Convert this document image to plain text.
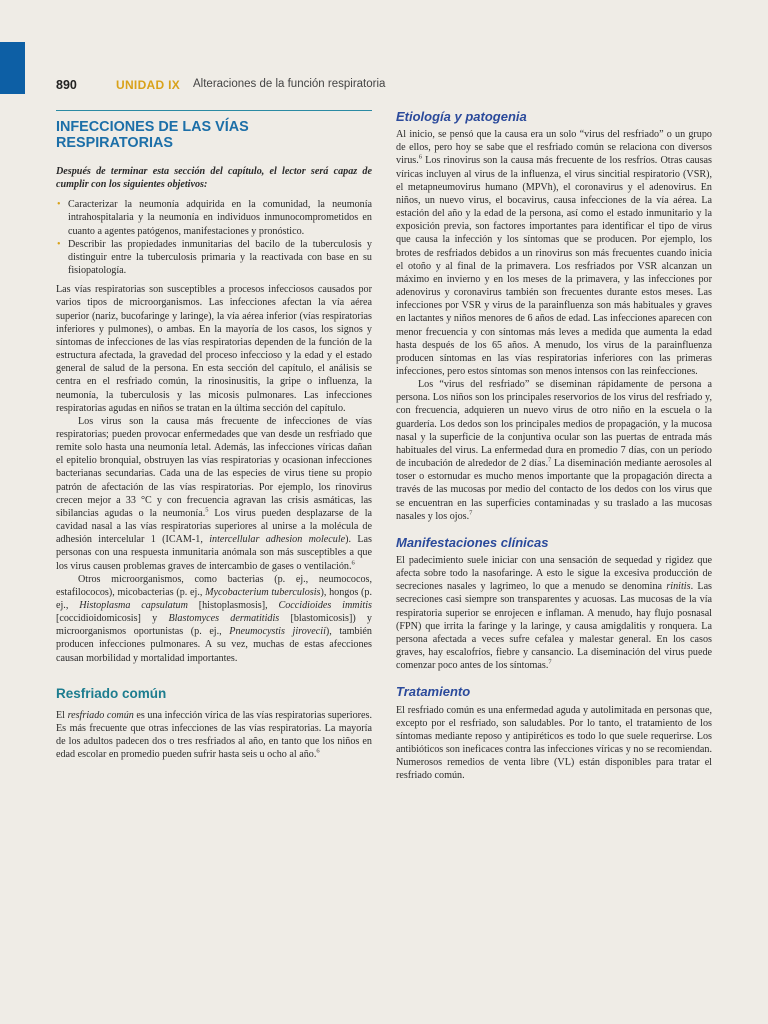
890	UNIDAD IX Alteraciones de la función respiratoria
INFECCIONES DE LAS VÍAS
RESPIRATORIAS

Después de terminar esta sección del capítulo, el lector será capaz de cumplir con los siguientes objetivos:

• Caracterizar la neumonía adquirida en la comunidad, la neumonía intrahospitalaria y la neumonía en individuos inmunocomprometidos en cuanto a agentes patógenos, manifestaciones y pronóstico.
• Describir las propiedades inmunitarias del bacilo de la tuberculosis y distinguir entre la tuberculosis primaria y la reactivada con base en su fisiopatología.

Las vías respiratorias son susceptibles a procesos infecciosos causados por varios tipos de microorganismos. Las infecciones afectan la vía aérea superior (nariz, bucofaringe y laringe), la vía aérea inferior (vías respiratorias inferiores y pulmones), o ambas. En la mayoría de los casos, los signos y síntomas de infecciones de las vías respiratorias dependen de la función de la estructura afectada, la gravedad del proceso infeccioso y la edad y el estado general de salud de la persona. En esta sección del capítulo, el análisis se centra en el resfriado común, la rinosinusitis, la gripe o influenza, la neumonía, la tuberculosis y las micosis pulmonares. Las infecciones respiratorias agudas en niños se tratan en la última sección del capítulo.

Los virus son la causa más frecuente de infecciones de vías respiratorias; pueden provocar enfermedades que van desde un resfriado que remite solo hasta una neumonía letal. Además, las infecciones víricas dañan el epitelio bronquial, obstruyen las vías respiratorias y ocasionan infecciones bacterianas secundarias. Cada una de las especies de virus tiene su propio patrón de afectación de las vías respiratorias. Por ejemplo, los rinovirus crecen mejor a 33 °C y con frecuencia agravan las crisis asmáticas, las sibilancias agudas o la neumonía.$^5$ Los virus pueden desplazarse de la cavidad nasal a las vías respiratorias superiores al unirse a la molécula de adhesión intercelular 1 (ICAM-1, intercellular adhesion molecule). Las personas con una respuesta inmunitaria anómala son más susceptibles a que los virus causen problemas graves de intercambio de gases o ventilación.$^6$

Otros microorganismos, como bacterias (p. ej., neumococos, estafilococos), micobacterias (p. ej., Mycobacterium tuberculosis), hongos (p. ej., Histoplasma capsulatum [histoplasmosis], Coccidioides immitis [coccidioidomicosis] y Blastomyces dermatitidis [blastomicosis]) y microorganismos oportunistas (p. ej., Pneumocystis jirovecii), también producen infecciones pulmonares. A su vez, muchas de estas afecciones causan morbilidad y mortalidad importantes.

Resfriado común

El resfriado común es una infección vírica de las vías respiratorias superiores. Es más frecuente que otras infecciones de las vías respiratorias. La mayoría de los adultos padecen dos o tres resfriados al año, en tanto que los niños en edad escolar en promedio pueden sufrir hasta seis u ocho al año.$^6$

Etiología y patogenia

Al inicio, se pensó que la causa era un solo “virus del resfriado” o un grupo de ellos, pero hoy se sabe que el resfriado común se relaciona con diversos virus.$^6$ Los rinovirus son la causa más frecuente de los resfríos. Otras causas víricas incluyen al virus de la influenza, el virus sincitial respiratorio (VSR), el metapneumovirus humano (MPVh), el coronavirus y el adenovirus. En niños, un nuevo virus, el bocavirus, causa infecciones de la vía aérea. La estación del año y la edad de la persona, así como el estado inmunitario y la exposición previa, son factores importantes para identificar el tipo de virus que causa la infección y los síntomas que se producen. Por ejemplo, los brotes de resfriados debidos a un rinovirus son más frecuentes cuando inicia el otoño y al final de la primavera. Los resfriados por VSR alcanzan un máximo en invierno y en los meses de la primavera, y las infecciones por adenovirus y coronavirus también son frecuentes durante estos meses. Las infecciones por VSR y virus de la parainfluenza son más habituales y graves en lactantes y niños menores de 6 años de edad. Las infecciones aparecen con menor frecuencia y con síntomas más leves a medida que aumenta la edad hasta después de los 65 años. A menudo, los virus de la parainfluenza producen síntomas en las vías respiratorias inferiores con las primeras infecciones, pero estos síntomas son menos intensos con las reinfecciones.

Los “virus del resfriado” se diseminan rápidamente de persona a persona. Los niños son los principales reservorios de los virus del resfriado y, con frecuencia, adquieren un nuevo virus de otro niño en la escuela o la guardería. Los dedos son los principales medios de propagación, y la mucosa nasal y la superficie de la conjuntiva ocular son las puertas de entrada más habituales del virus. La enfermedad dura en promedio 7 días, con un período de incubación de alrededor de 2 días.$^7$ La diseminación mediante aerosoles al toser o estornudar es mucho menos importante que la propagación directa a través de las mucosas por medio del contacto de los dedos con los virus que se encuentran en las superficies contaminadas y su traslado a las mucosas nasales y los ojos.$^7$

Manifestaciones clínicas

El padecimiento suele iniciar con una sensación de sequedad y rigidez que afecta sobre todo la nasofaringe. A esto le sigue la excesiva producción de secreciones nasales y lagrimeo, lo que a menudo se denomina rinitis. Las secreciones casi siempre son transparentes y acuosas. Las mucosas de la vía respiratoria superior se enrojecen e inflaman. A menudo, hay flujo posnasal (FPN) que irrita la faringe y la laringe, y causa amigdalitis y ronquera. La persona afectada a veces sufre cefalea y malestar general. En los casos graves, hay escalofríos, fiebre y cansancio. La diseminación del virus puede comenzar poco antes de los síntomas.$^7$

Tratamiento

El resfriado común es una enfermedad aguda y autolimitada en personas que, excepto por el resfriado, son saludables. Por lo tanto, el tratamiento de los síntomas mediante reposo y antipiréticos es todo lo que suele requerirse. Los antibióticos son ineficaces contra las infecciones víricas y no se recomiendan. Numerosos remedios de venta libre (VL) están disponibles para tratar el resfriado común.
